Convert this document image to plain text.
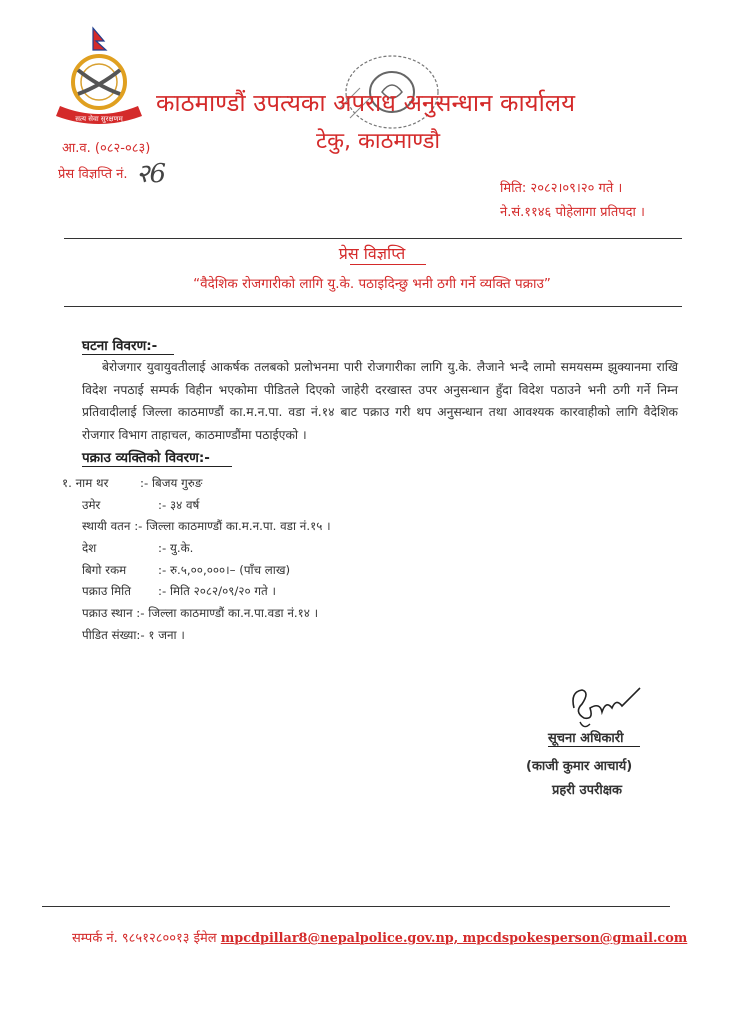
सत्य सेवा सुरक्षणम्
काठमाण्डौं उपत्यका अपराध अनुसन्धान कार्यालय
टेकु, काठमाण्डौ
आ.व. (०८२-०८३)
प्रेस विज्ञप्ति नं. २6	मिति: २०८२।०९।२० गते ।
ने.सं.११४६ पोहेलागा प्रतिपदा ।
प्रेस विज्ञप्ति
“वैदेशिक रोजगारीको लागि यु.के. पठाइदिन्छु भनी ठगी गर्ने व्यक्ति पक्राउ”
घटना विवरण:-
बेरोजगार युवायुवतीलाई आकर्षक तलबको प्रलोभनमा पारी रोजगारीका लागि यु.के. लैजाने भन्दै लामो समयसम्म झुक्यानमा राखि विदेश नपठाई सम्पर्क विहीन भएकोमा पीडितले दिएको जाहेरी दरखास्त उपर अनुसन्धान हुँदा विदेश पठाउने भनी ठगी गर्ने निम्न प्रतिवादीलाई जिल्ला काठमाण्डौं का.म.न.पा. वडा नं.१४ बाट पक्राउ गरी थप अनुसन्धान तथा आवश्यक कारवाहीको लागि वैदेशिक रोजगार विभाग ताहाचल, काठमाण्डौंमा पठाईएको ।
पक्राउ व्यक्तिको विवरण:-
१. नाम थर	:- बिजय गुरुङ
उमेर	:- ३४ वर्ष
स्थायी वतन :- जिल्ला काठमाण्डौं का.म.न.पा. वडा नं.१५ ।
देश	:- यु.के.
बिगो रकम	:- रु.५,००,०००।– (पाँच लाख)
पक्राउ मिति :- मिति २०८२/०९/२० गते ।
पक्राउ स्थान :- जिल्ला काठमाण्डौं का.न.पा.वडा नं.१४ ।
पीडित संख्या:- १ जना ।
सूचना अधिकारी
(काजी कुमार आचार्य)
प्रहरी उपरीक्षक
सम्पर्क नं. ९८५१२८००१३ ईमेल mpcdpillar8@nepalpolice.gov.np, mpcdspokesperson@gmail.com
